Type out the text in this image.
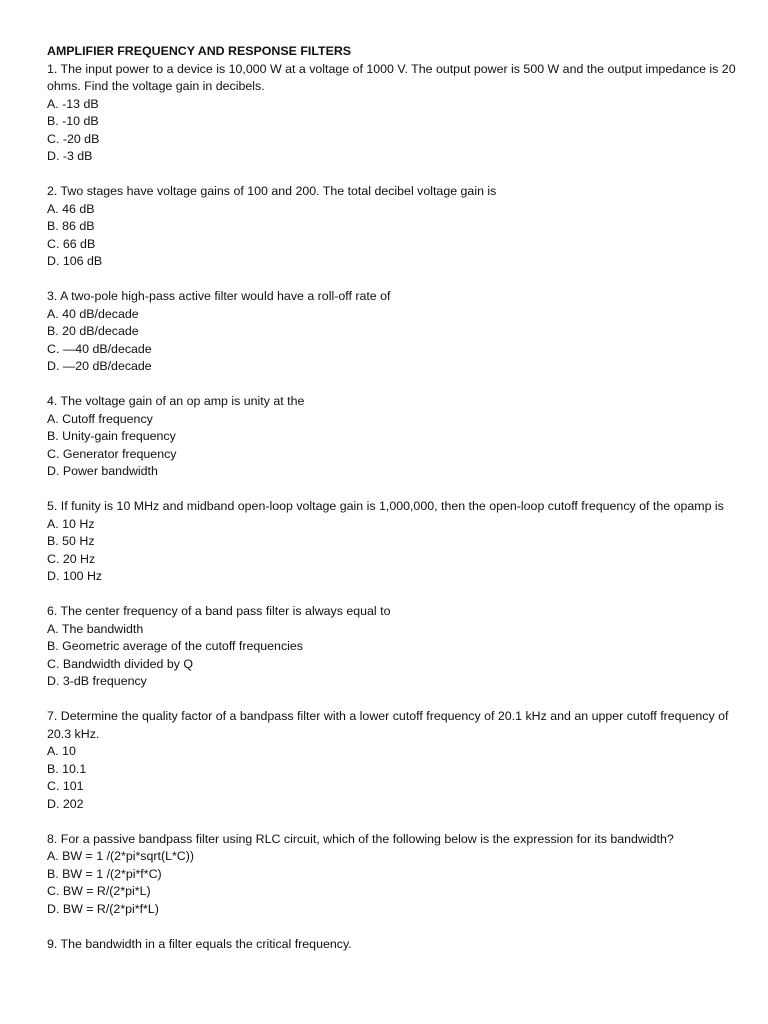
AMPLIFIER FREQUENCY AND RESPONSE FILTERS
1. The input power to a device is 10,000 W at a voltage of 1000 V. The output power is 500 W and the output impedance is 20 ohms. Find the voltage gain in decibels.
A. -13 dB
B. -10 dB
C. -20 dB
D. -3 dB
2. Two stages have voltage gains of 100 and 200. The total decibel voltage gain is
A. 46 dB
B. 86 dB
C. 66 dB
D. 106 dB
3. A two-pole high-pass active filter would have a roll-off rate of
A. 40 dB/decade
B. 20 dB/decade
C. —40 dB/decade
D. —20 dB/decade
4. The voltage gain of an op amp is unity at the
A. Cutoff frequency
B. Unity-gain frequency
C. Generator frequency
D. Power bandwidth
5. If funity is 10 MHz and midband open-loop voltage gain is 1,000,000, then the open-loop cutoff frequency of the opamp is
A. 10 Hz
B. 50 Hz
C. 20 Hz
D. 100 Hz
6. The center frequency of a band pass filter is always equal to
A. The bandwidth
B. Geometric average of the cutoff frequencies
C. Bandwidth divided by Q
D. 3-dB frequency
7. Determine the quality factor of a bandpass filter with a lower cutoff frequency of 20.1 kHz and an upper cutoff frequency of 20.3 kHz.
A. 10
B. 10.1
C. 101
D. 202
8. For a passive bandpass filter using RLC circuit, which of the following below is the expression for its bandwidth?
A. BW = 1 /(2*pi*sqrt(L*C))
B. BW = 1 /(2*pi*f*C)
C. BW = R/(2*pi*L)
D. BW = R/(2*pi*f*L)
9. The bandwidth in a filter equals the critical frequency.
